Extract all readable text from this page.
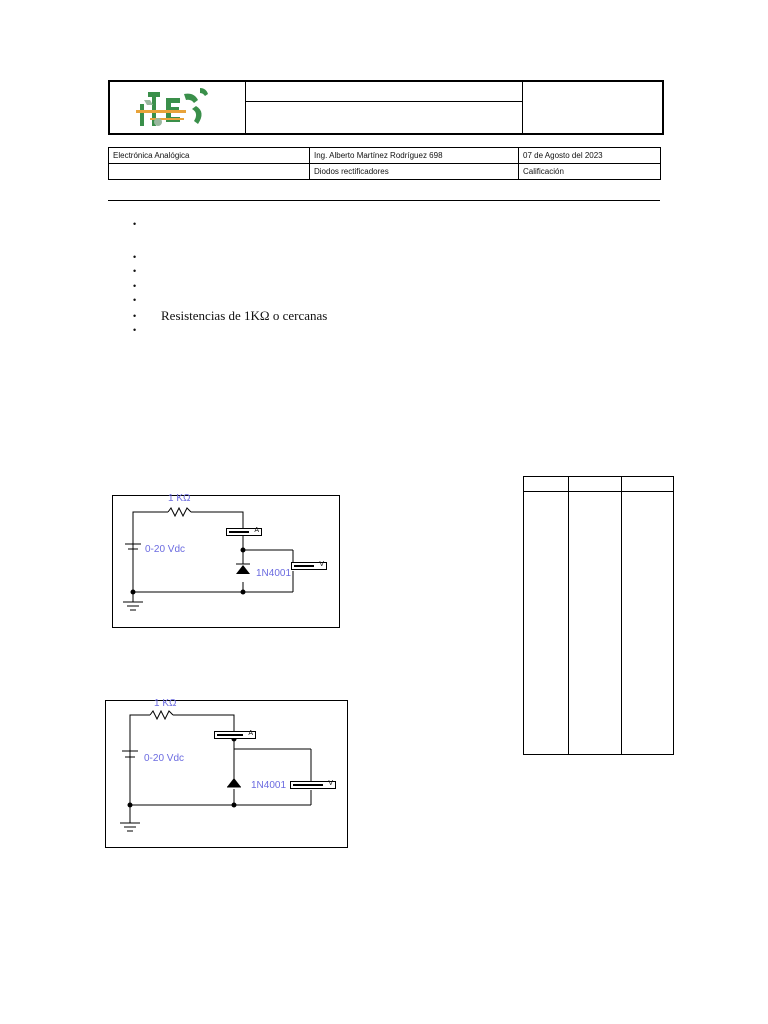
Electrónica Analógica	Ing. Alberto Martínez Rodríguez 698	07 de Agosto del 2023
	Diodos rectificadores	Calificación
•
•
•
•
•
•
•
Resistencias de 1KΩ o cercanas
1 KΩ
0-20 Vdc
1N4001
A
V
1 KΩ
0-20 Vdc
1N4001
A
V
